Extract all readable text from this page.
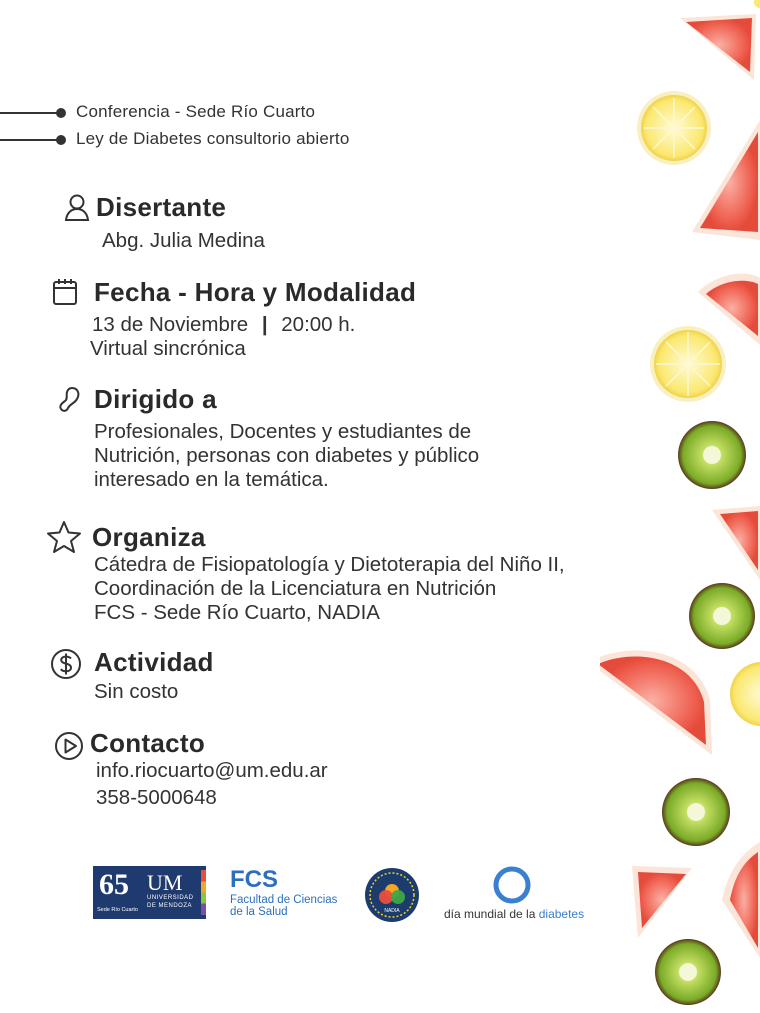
Conferencia - Sede Río Cuarto
Ley de Diabetes consultorio abierto
Disertante
Abg. Julia Medina
Fecha - Hora y Modalidad
13 de Noviembre | 20:00 h.
Virtual sincrónica
Dirigido a
Profesionales, Docentes y estudiantes de
Nutrición, personas con diabetes y público
interesado en la temática.
Organiza
Cátedra de Fisiopatología y Dietoterapia del Niño II,
Coordinación de la Licenciatura en Nutrición
FCS - Sede Río Cuarto, NADIA
Actividad
Sin costo
Contacto
info.riocuarto@um.edu.ar
358-5000648
65 UM
UNIVERSIDAD
DE MENDOZA
Sede Río Cuarto
FCS
Facultad de Ciencias
de la Salud	NADIA	día mundial de la diabetes
